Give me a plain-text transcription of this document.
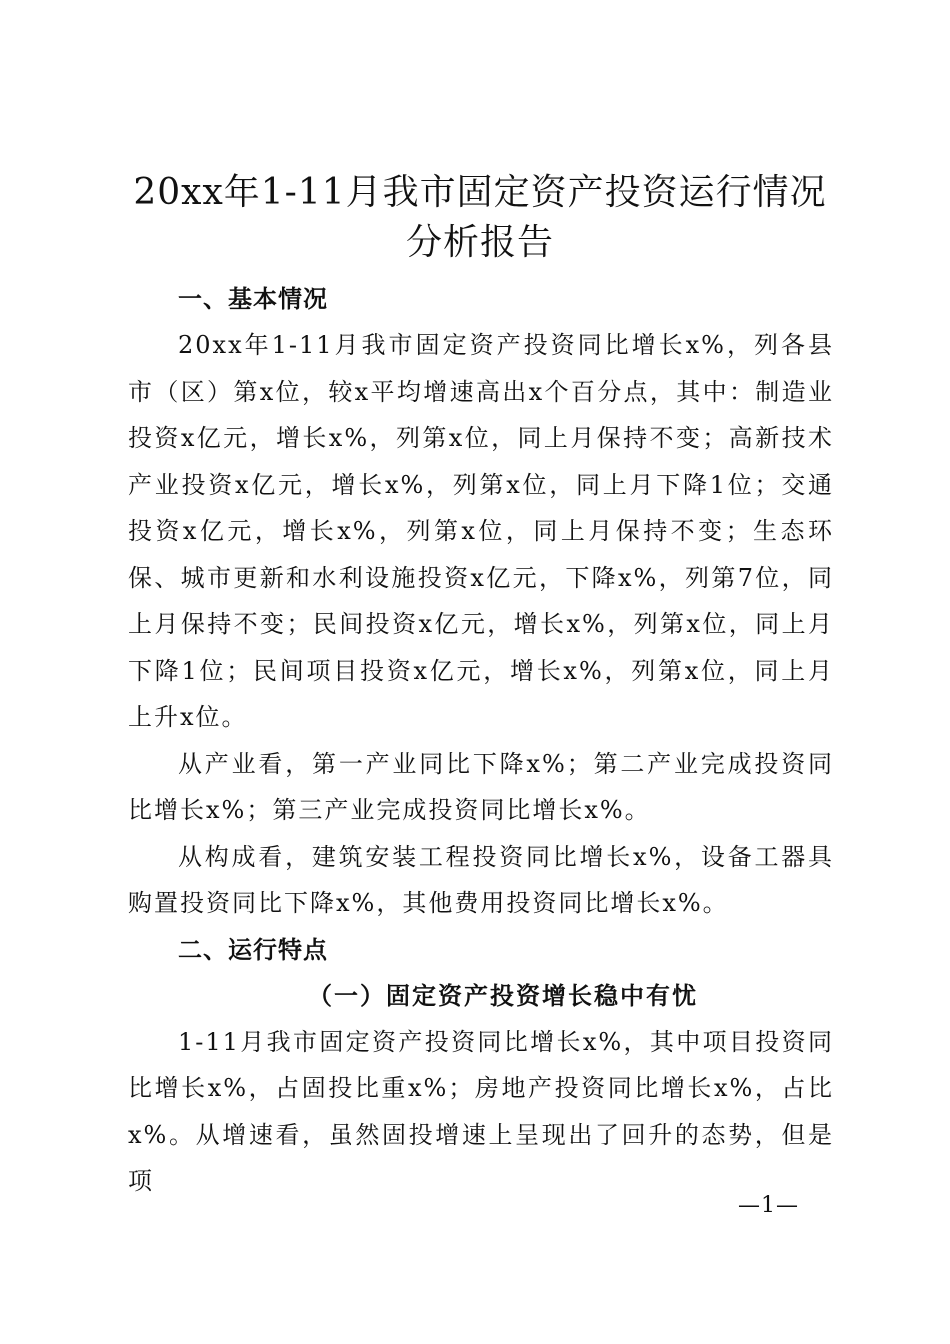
20xx年1-11月我市固定资产投资运行情况分析报告
一、基本情况

20xx年1-11月我市固定资产投资同比增长x%，列各县市（区）第x位，较x平均增速高出x个百分点，其中：制造业投资x亿元，增长x%，列第x位，同上月保持不变；高新技术产业投资x亿元，增长x%，列第x位，同上月下降1位；交通投资x亿元，增长x%，列第x位，同上月保持不变；生态环保、城市更新和水利设施投资x亿元，下降x%，列第7位，同上月保持不变；民间投资x亿元，增长x%，列第x位，同上月下降1位；民间项目投资x亿元，增长x%，列第x位，同上月上升x位。

从产业看，第一产业同比下降x%；第二产业完成投资同比增长x%；第三产业完成投资同比增长x%。

从构成看，建筑安装工程投资同比增长x%，设备工器具购置投资同比下降x%，其他费用投资同比增长x%。

二、运行特点
（一）固定资产投资增长稳中有忧

1-11月我市固定资产投资同比增长x%，其中项目投资同比增长x%，占固投比重x%；房地产投资同比增长x%，占比x%。从增速看，虽然固投增速上呈现出了回升的态势，但是项

—1—
